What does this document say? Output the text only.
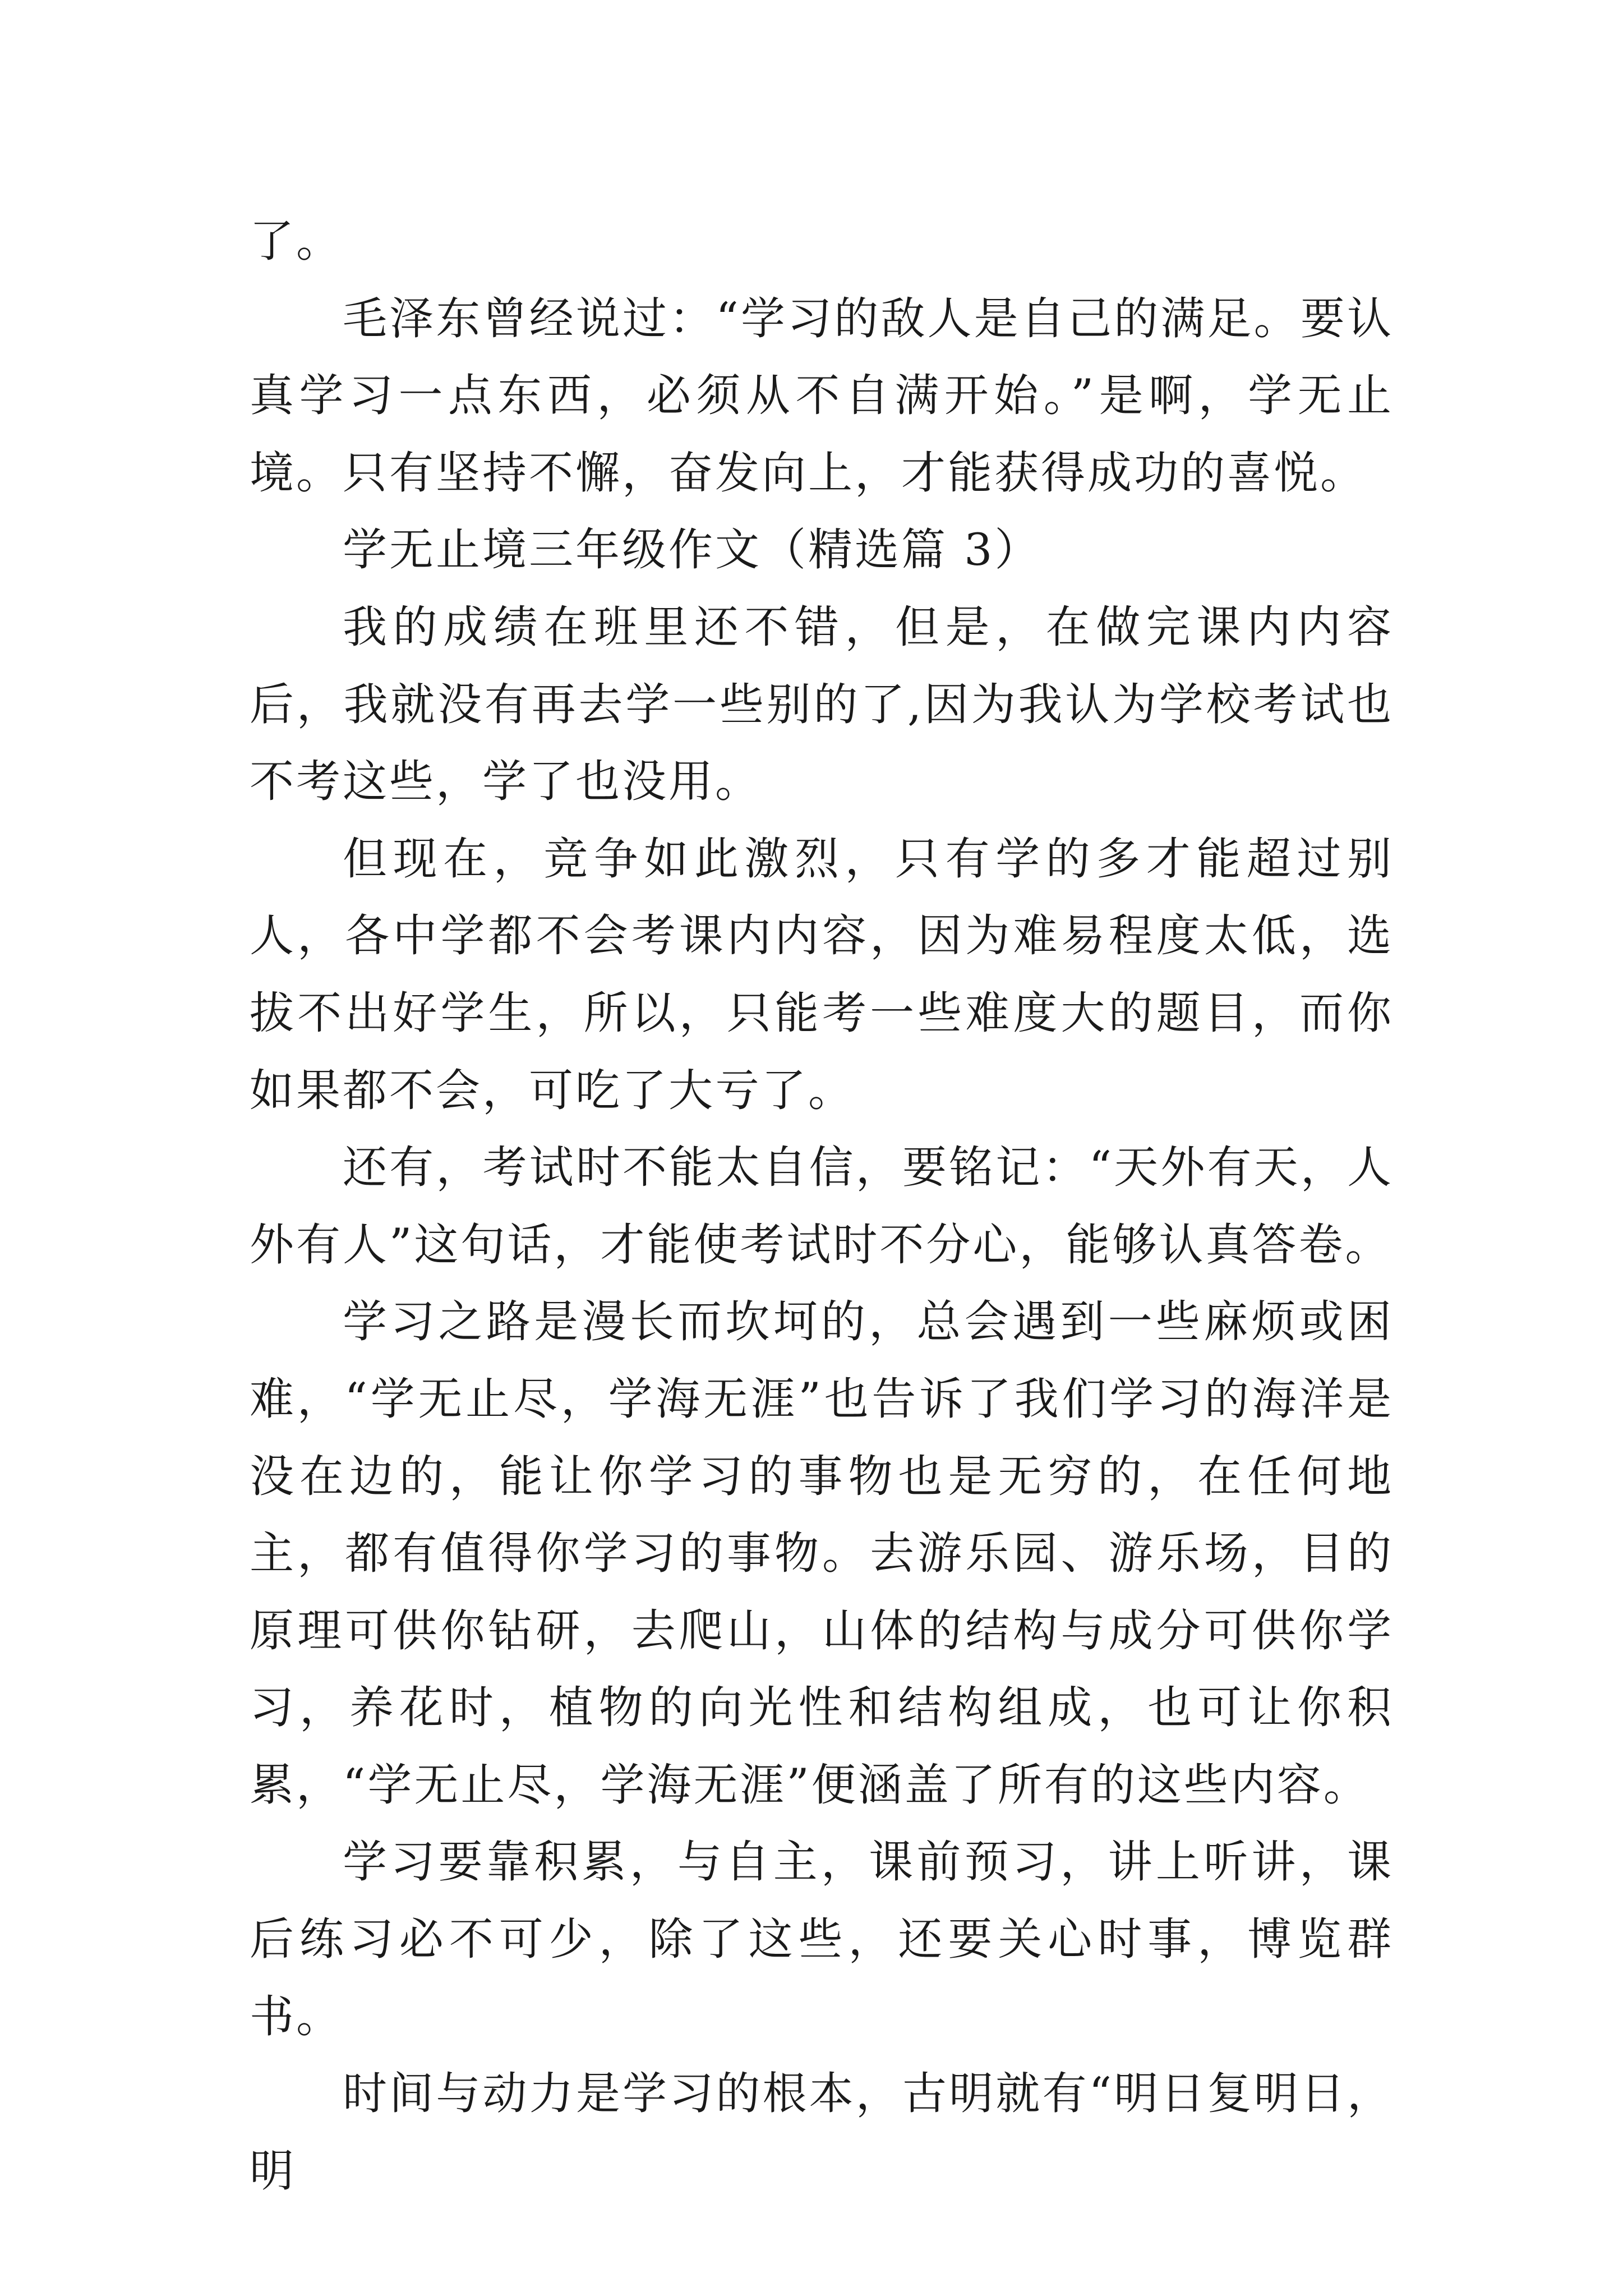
了。

毛泽东曾经说过：“学习的敌人是自己的满足。要认真学习一点东西，必须从不自满开始。”是啊，学无止境。只有坚持不懈，奋发向上，才能获得成功的喜悦。

学无止境三年级作文（精选篇 3）

我的成绩在班里还不错，但是，在做完课内内容后，我就没有再去学一些别的了,因为我认为学校考试也不考这些，学了也没用。

但现在，竞争如此激烈，只有学的多才能超过别人，各中学都不会考课内内容，因为难易程度太低，选拔不出好学生，所以，只能考一些难度大的题目，而你如果都不会，可吃了大亏了。

还有，考试时不能太自信，要铭记：“天外有天，人外有人”这句话，才能使考试时不分心，能够认真答卷。

学习之路是漫长而坎坷的，总会遇到一些麻烦或困难，“学无止尽，学海无涯”也告诉了我们学习的海洋是没在边的，能让你学习的事物也是无穷的，在任何地主，都有值得你学习的事物。去游乐园、游乐场，目的原理可供你钻研，去爬山，山体的结构与成分可供你学习，养花时，植物的向光性和结构组成，也可让你积累，“学无止尽，学海无涯”便涵盖了所有的这些内容。

学习要靠积累，与自主，课前预习，讲上听讲，课后练习必不可少，除了这些，还要关心时事，博览群书。

时间与动力是学习的根本，古明就有“明日复明日，明
